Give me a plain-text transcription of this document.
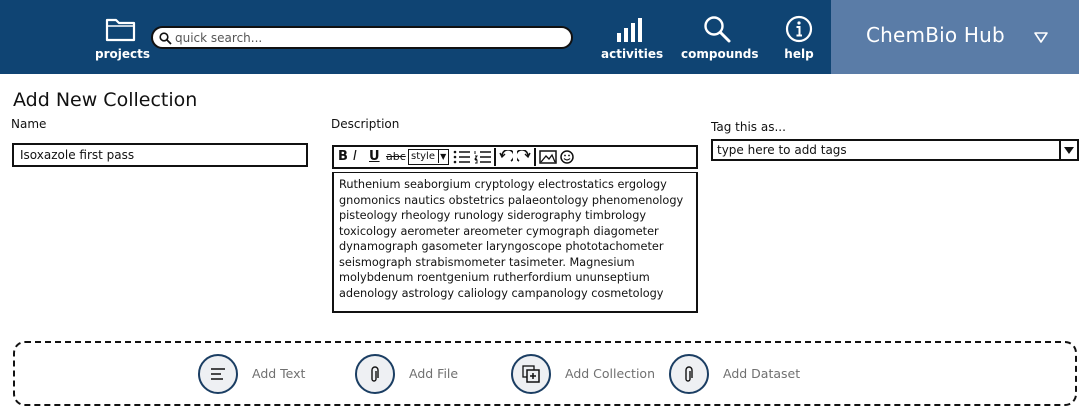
projects
quick search...	activities compounds	help
ChemBio Hub
Add New Collection
Name
Isoxazole first pass
Description
B I U abc style ▼
Ruthenium seaborgium cryptology electrostatics ergology gnomonics nautics obstetrics palaeontology phenomenology pisteology rheology runology siderography timbrology toxicology aerometer areometer cymograph diagometer dynamograph gasometer laryngoscope phototachometer seismograph strabismometer tasimeter. Magnesium molybdenum roentgenium rutherfordium ununseptium adenology astrology caliology campanology cosmetology
Tag this as...
type here to add tags
Add Text	Add File	Add Collection	Add Dataset
